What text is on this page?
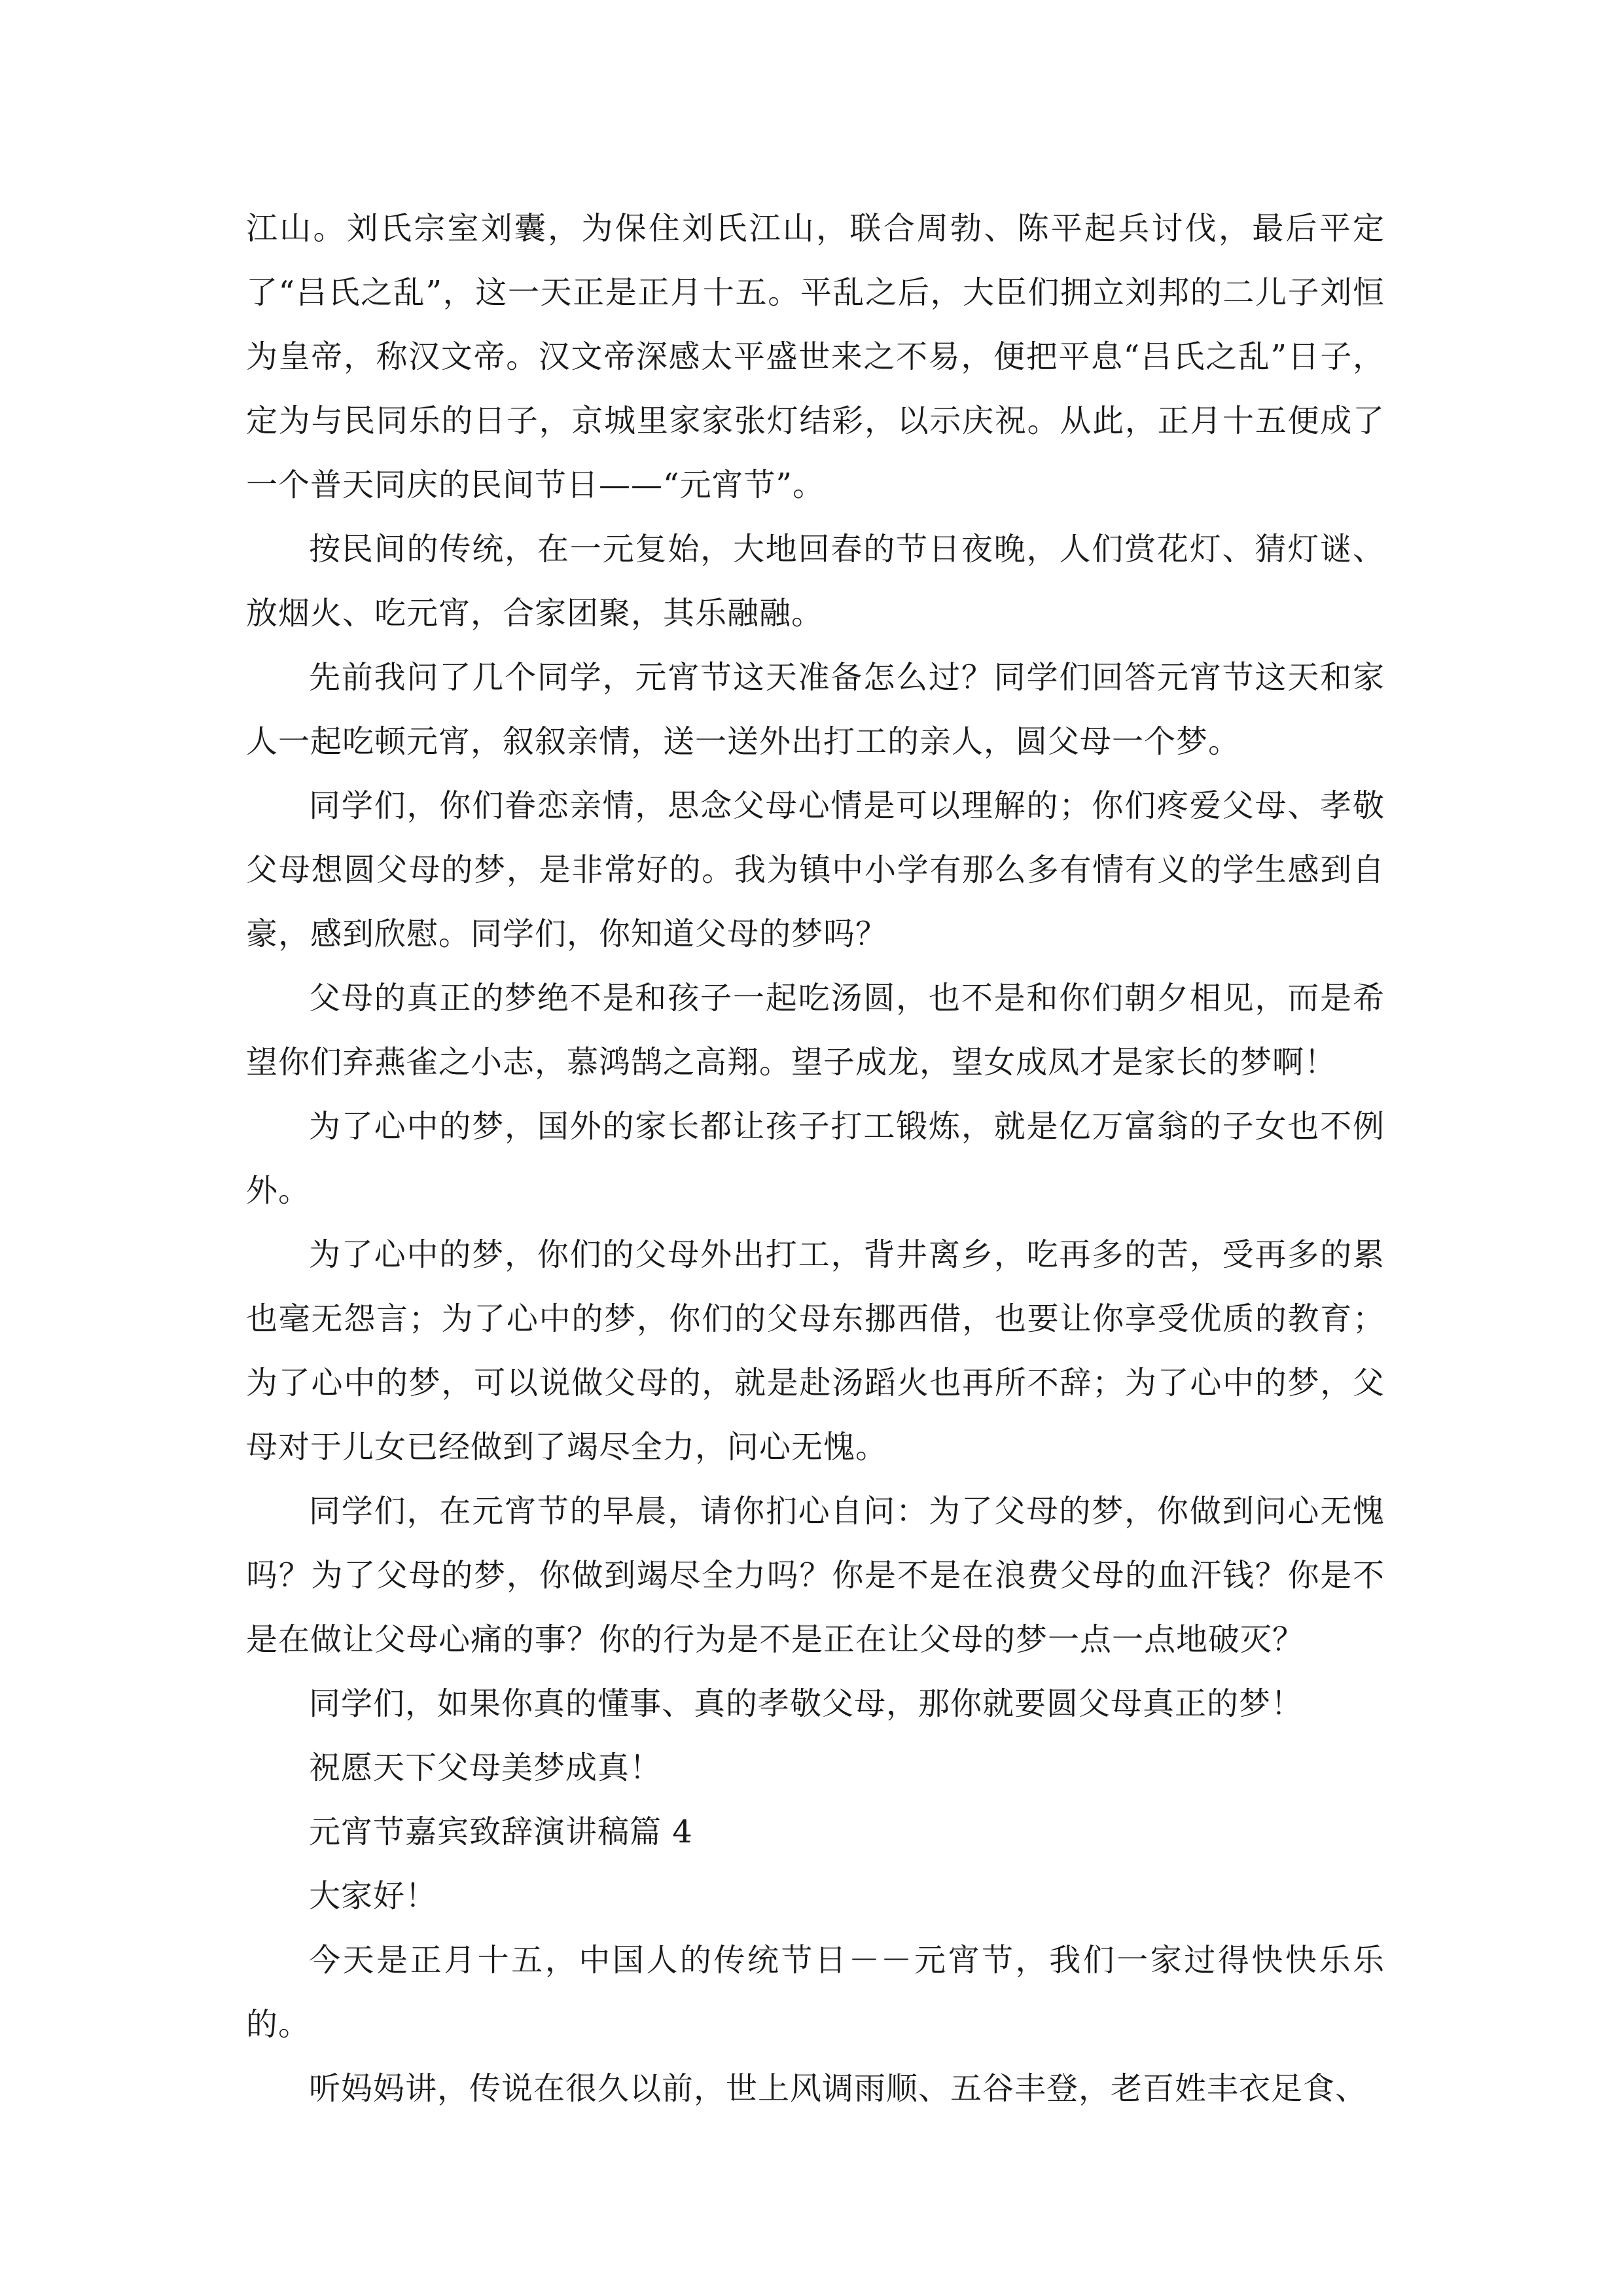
江山。刘氏宗室刘囊，为保住刘氏江山，联合周勃、陈平起兵讨伐，最后平定了“吕氏之乱”，这一天正是正月十五。平乱之后，大臣们拥立刘邦的二儿子刘恒为皇帝，称汉文帝。汉文帝深感太平盛世来之不易，便把平息“吕氏之乱”日子，定为与民同乐的日子，京城里家家张灯结彩，以示庆祝。从此，正月十五便成了一个普天同庆的民间节日——“元宵节”。

按民间的传统，在一元复始，大地回春的节日夜晚，人们赏花灯、猜灯谜、放烟火、吃元宵，合家团聚，其乐融融。

先前我问了几个同学，元宵节这天准备怎么过？同学们回答元宵节这天和家人一起吃顿元宵，叙叙亲情，送一送外出打工的亲人，圆父母一个梦。

同学们，你们眷恋亲情，思念父母心情是可以理解的；你们疼爱父母、孝敬父母想圆父母的梦，是非常好的。我为镇中小学有那么多有情有义的学生感到自豪，感到欣慰。同学们，你知道父母的梦吗？

父母的真正的梦绝不是和孩子一起吃汤圆，也不是和你们朝夕相见，而是希望你们弃燕雀之小志，慕鸿鹄之高翔。望子成龙，望女成凤才是家长的梦啊！

为了心中的梦，国外的家长都让孩子打工锻炼，就是亿万富翁的子女也不例外。

为了心中的梦，你们的父母外出打工，背井离乡，吃再多的苦，受再多的累也毫无怨言；为了心中的梦，你们的父母东挪西借，也要让你享受优质的教育；为了心中的梦，可以说做父母的，就是赴汤蹈火也再所不辞；为了心中的梦，父母对于儿女已经做到了竭尽全力，问心无愧。

同学们，在元宵节的早晨，请你扪心自问：为了父母的梦，你做到问心无愧吗？为了父母的梦，你做到竭尽全力吗？你是不是在浪费父母的血汗钱？你是不是在做让父母心痛的事？你的行为是不是正在让父母的梦一点一点地破灭？

同学们，如果你真的懂事、真的孝敬父母，那你就要圆父母真正的梦！

祝愿天下父母美梦成真！

元宵节嘉宾致辞演讲稿篇 4

大家好！

今天是正月十五，中国人的传统节日－－元宵节，我们一家过得快快乐乐的。

听妈妈讲，传说在很久以前，世上风调雨顺、五谷丰登，老百姓丰衣足食、
